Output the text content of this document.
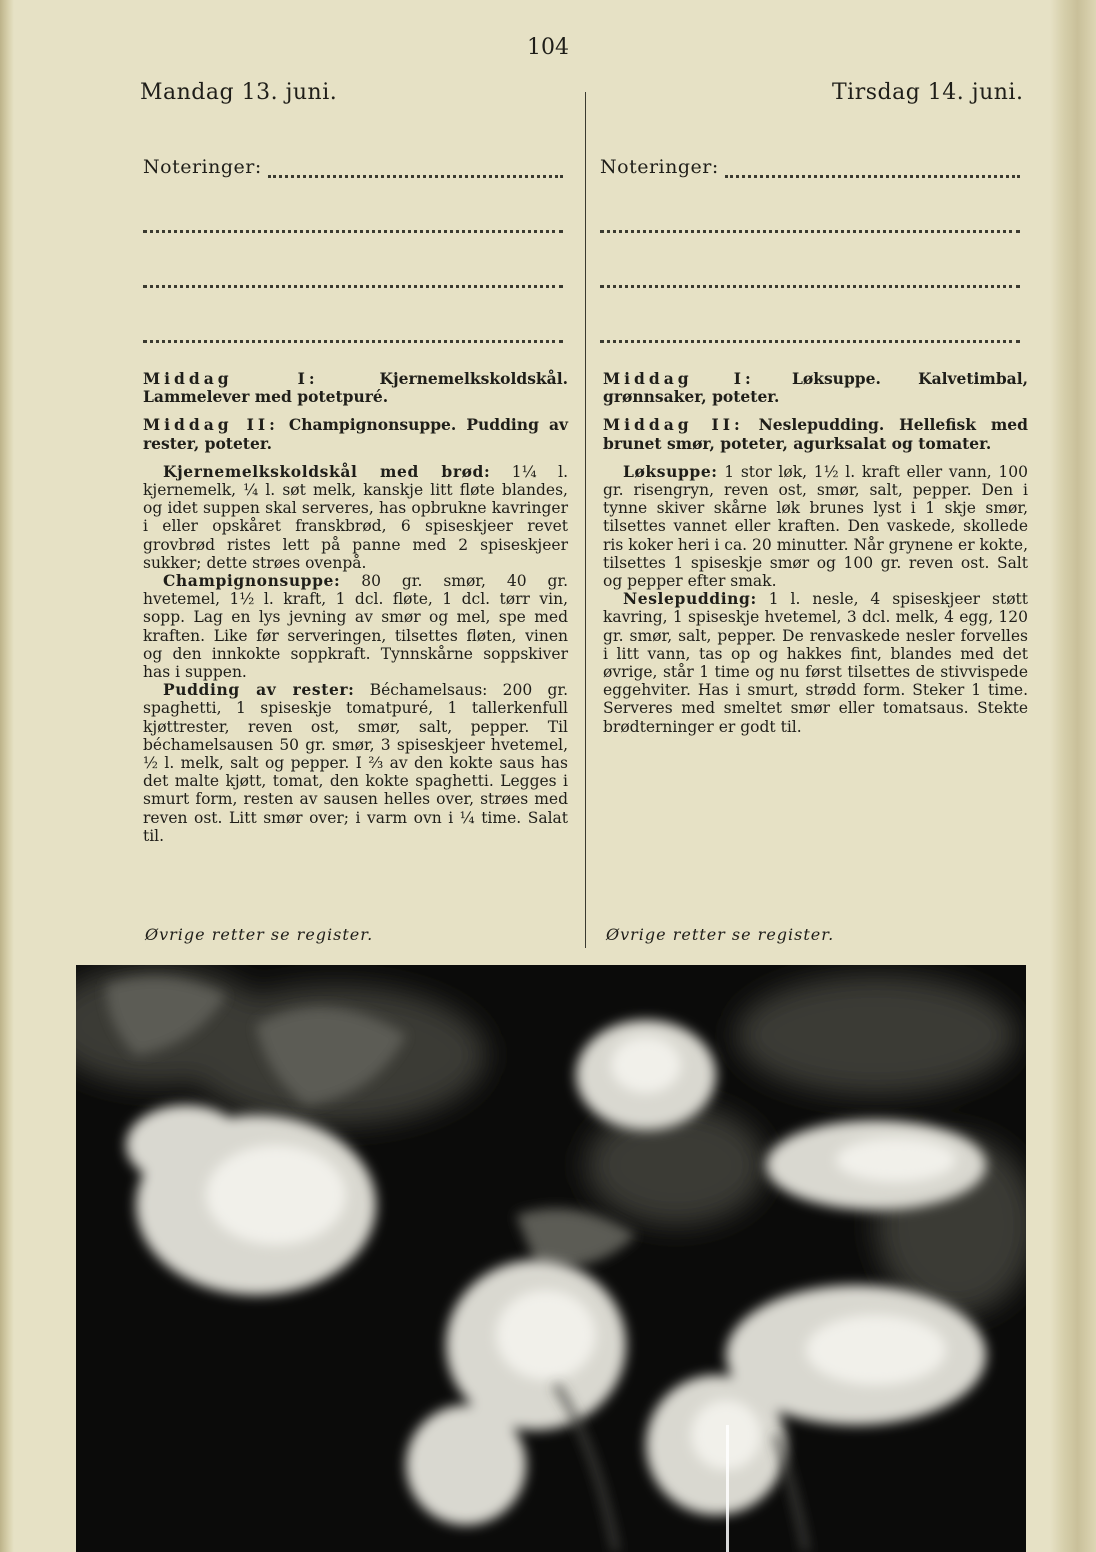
104
Mandag 13. juni.	Tirsdag 14. juni.
Noteringer:	Noteringer:

Middag I: Kjernemelkskoldskål. Lammelever med potetpuré.

Middag II: Champignonsuppe. Pudding av rester, poteter.

Kjernemelkskoldskål med brød: 1¼ l. kjernemelk, ¼ l. søt melk, kanskje litt fløte blandes, og idet suppen skal serveres, has opbrukne kavringer i eller opskåret franskbrød, 6 spiseskjeer revet grovbrød ristes lett på panne med 2 spiseskjeer sukker; dette strøes ovenpå.

Champignonsuppe: 80 gr. smør, 40 gr. hvetemel, 1½ l. kraft, 1 dcl. fløte, 1 dcl. tørr vin, sopp. Lag en lys jevning av smør og mel, spe med kraften. Like før serveringen, tilsettes fløten, vinen og den innkokte soppkraft. Tynnskårne soppskiver has i suppen.

Pudding av rester: Béchamelsaus: 200 gr. spaghetti, 1 spiseskje tomatpuré, 1 tallerkenfull kjøttrester, reven ost, smør, salt, pepper. Til béchamelsausen 50 gr. smør, 3 spiseskjeer hvetemel, ½ l. melk, salt og pepper. I ⅔ av den kokte saus has det malte kjøtt, tomat, den kokte spaghetti. Legges i smurt form, resten av sausen helles over, strøes med reven ost. Litt smør over; i varm ovn i ¼ time. Salat til.

Middag I: Løksuppe. Kalvetimbal, grønnsaker, poteter.

Middag II: Neslepudding. Hellefisk med brunet smør, poteter, agurksalat og tomater.

Løksuppe: 1 stor løk, 1½ l. kraft eller vann, 100 gr. risengryn, reven ost, smør, salt, pepper. Den i tynne skiver skårne løk brunes lyst i 1 skje smør, tilsettes vannet eller kraften. Den vaskede, skollede ris koker heri i ca. 20 minutter. Når grynene er kokte, tilsettes 1 spiseskje smør og 100 gr. reven ost. Salt og pepper efter smak.

Neslepudding: 1 l. nesle, 4 spiseskjeer støtt kavring, 1 spiseskje hvetemel, 3 dcl. melk, 4 egg, 120 gr. smør, salt, pepper. De renvaskede nesler forvelles i litt vann, tas op og hakkes fint, blandes med det øvrige, står 1 time og nu først tilsettes de stivvispede eggehviter. Has i smurt, strødd form. Steker 1 time. Serveres med smeltet smør eller tomatsaus. Stekte brødterninger er godt til.

Øvrige retter se register.	Øvrige retter se register.
